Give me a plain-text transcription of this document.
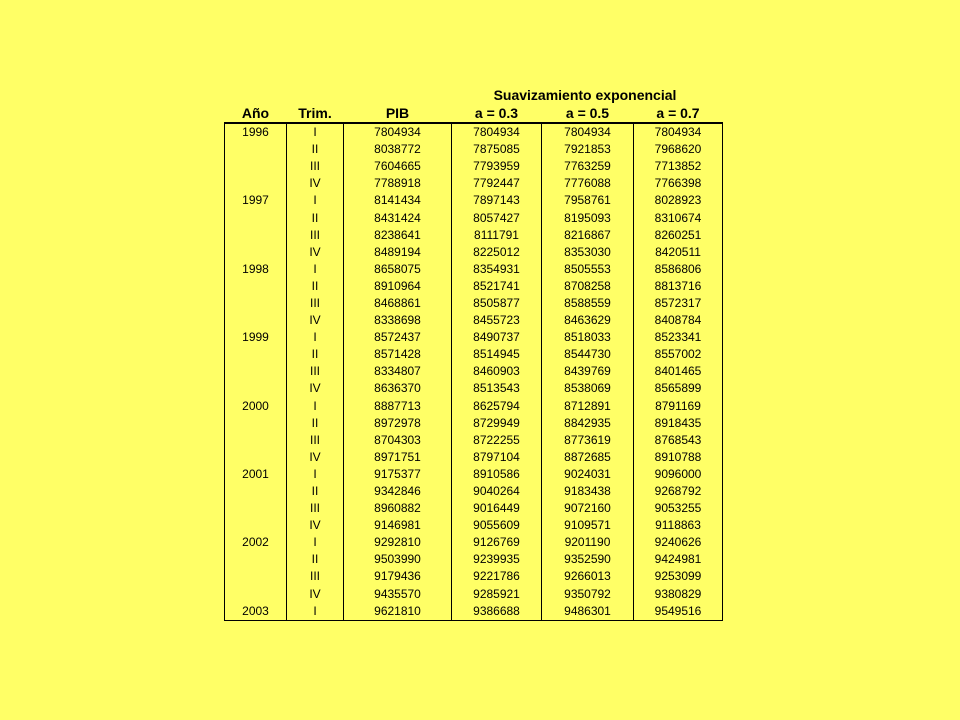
Suavizamiento exponencial
Año	Trim.	PIB	a = 0.3	a = 0.5	a = 0.7
1996	I	7804934	7804934	7804934	7804934
	II	8038772	7875085	7921853	7968620
	III	7604665	7793959	7763259	7713852
	IV	7788918	7792447	7776088	7766398
1997	I	8141434	7897143	7958761	8028923
	II	8431424	8057427	8195093	8310674
	III	8238641	8111791	8216867	8260251
	IV	8489194	8225012	8353030	8420511
1998	I	8658075	8354931	8505553	8586806
	II	8910964	8521741	8708258	8813716
	III	8468861	8505877	8588559	8572317
	IV	8338698	8455723	8463629	8408784
1999	I	8572437	8490737	8518033	8523341
	II	8571428	8514945	8544730	8557002
	III	8334807	8460903	8439769	8401465
	IV	8636370	8513543	8538069	8565899
2000	I	8887713	8625794	8712891	8791169
	II	8972978	8729949	8842935	8918435
	III	8704303	8722255	8773619	8768543
	IV	8971751	8797104	8872685	8910788
2001	I	9175377	8910586	9024031	9096000
	II	9342846	9040264	9183438	9268792
	III	8960882	9016449	9072160	9053255
	IV	9146981	9055609	9109571	9118863
2002	I	9292810	9126769	9201190	9240626
	II	9503990	9239935	9352590	9424981
	III	9179436	9221786	9266013	9253099
	IV	9435570	9285921	9350792	9380829
2003	I	9621810	9386688	9486301	9549516
